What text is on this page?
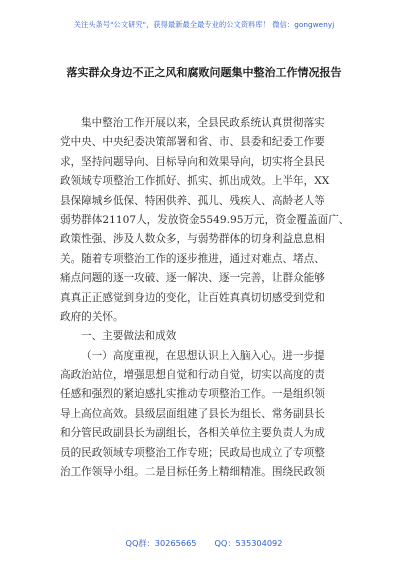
关注头条号"公文研究"，获得最新最全最专业的公文资料库！ 微信：gongwenyj
落实群众身边不正之风和腐败问题集中整治工作情况报告
集中整治工作开展以来，全县民政系统认真贯彻落实
党中央、中央纪委决策部署和省、市、县委和纪委工作要
求，坚持问题导向、目标导向和效果导向，切实将全县民
政领域专项整治工作抓好、抓实、抓出成效。上半年，XX
县保障城乡低保、特困供养、孤儿、残疾人、高龄老人等
弱势群体21107人，发放资金5549.95万元，资金覆盖面广、
政策性强、涉及人数众多，与弱势群体的切身利益息息相
关。随着专项整治工作的逐步推进，通过对难点、堵点、
痛点问题的逐一攻破、逐一解决、逐一完善，让群众能够
真真正正感觉到身边的变化，让百姓真真切切感受到党和
政府的关怀。
一、主要做法和成效
（一）高度重视，在思想认识上入脑入心。进一步提
高政治站位，增强思想自觉和行动自觉，切实以高度的责
任感和强烈的紧迫感扎实推动专项整治工作。一是组织领
导上高位高效。县级层面组建了县长为组长、常务副县长
和分管民政副县长为副组长，各相关单位主要负责人为成
员的民政领域专项整治工作专班；民政局也成立了专项整
治工作领导小组。二是目标任务上精细精准。围绕民政领
QQ群：30265665 QQ：535304092
